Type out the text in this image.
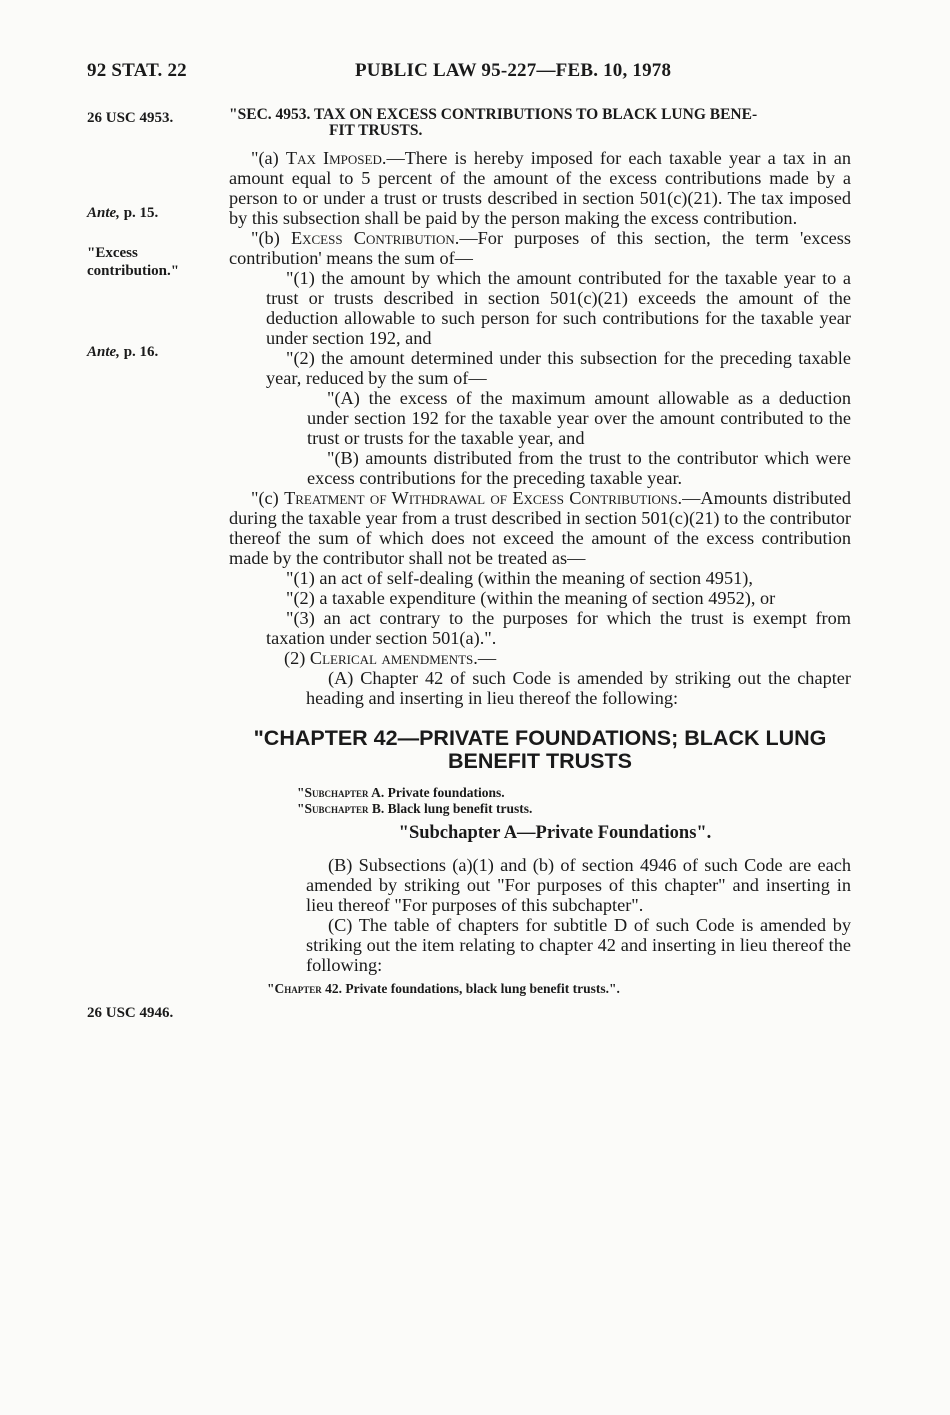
92 STAT. 22	PUBLIC LAW 95-227—FEB. 10, 1978
26 USC 4953.
Ante, p. 15.
"Excess
contribution."
Ante, p. 16.
26 USC 4946.
"SEC. 4953. TAX ON EXCESS CONTRIBUTIONS TO BLACK LUNG BENE-
FIT TRUSTS.

"(a) Tax Imposed.—There is hereby imposed for each taxable year a tax in an amount equal to 5 percent of the amount of the excess contributions made by a person to or under a trust or trusts described in section 501(c)(21). The tax imposed by this subsection shall be paid by the person making the excess contribution.

"(b) Excess Contribution.—For purposes of this section, the term 'excess contribution' means the sum of—

"(1) the amount by which the amount contributed for the taxable year to a trust or trusts described in section 501(c)(21) exceeds the amount of the deduction allowable to such person for such contributions for the taxable year under section 192, and

"(2) the amount determined under this subsection for the preceding taxable year, reduced by the sum of—

"(A) the excess of the maximum amount allowable as a deduction under section 192 for the taxable year over the amount contributed to the trust or trusts for the taxable year, and

"(B) amounts distributed from the trust to the contributor which were excess contributions for the preceding taxable year.

"(c) Treatment of Withdrawal of Excess Contributions.—Amounts distributed during the taxable year from a trust described in section 501(c)(21) to the contributor thereof the sum of which does not exceed the amount of the excess contribution made by the contributor shall not be treated as—

"(1) an act of self-dealing (within the meaning of section 4951),

"(2) a taxable expenditure (within the meaning of section 4952), or

"(3) an act contrary to the purposes for which the trust is exempt from taxation under section 501(a).".

(2) Clerical amendments.—

(A) Chapter 42 of such Code is amended by striking out the chapter heading and inserting in lieu thereof the following:

"CHAPTER 42—PRIVATE FOUNDATIONS; BLACK LUNG BENEFIT TRUSTS
"Subchapter A. Private foundations.
"Subchapter B. Black lung benefit trusts.
"Subchapter A—Private Foundations".

(B) Subsections (a)(1) and (b) of section 4946 of such Code are each amended by striking out "For purposes of this chapter" and inserting in lieu thereof "For purposes of this subchapter".

(C) The table of chapters for subtitle D of such Code is amended by striking out the item relating to chapter 42 and inserting in lieu thereof the following:

"Chapter 42. Private foundations, black lung benefit trusts.".
